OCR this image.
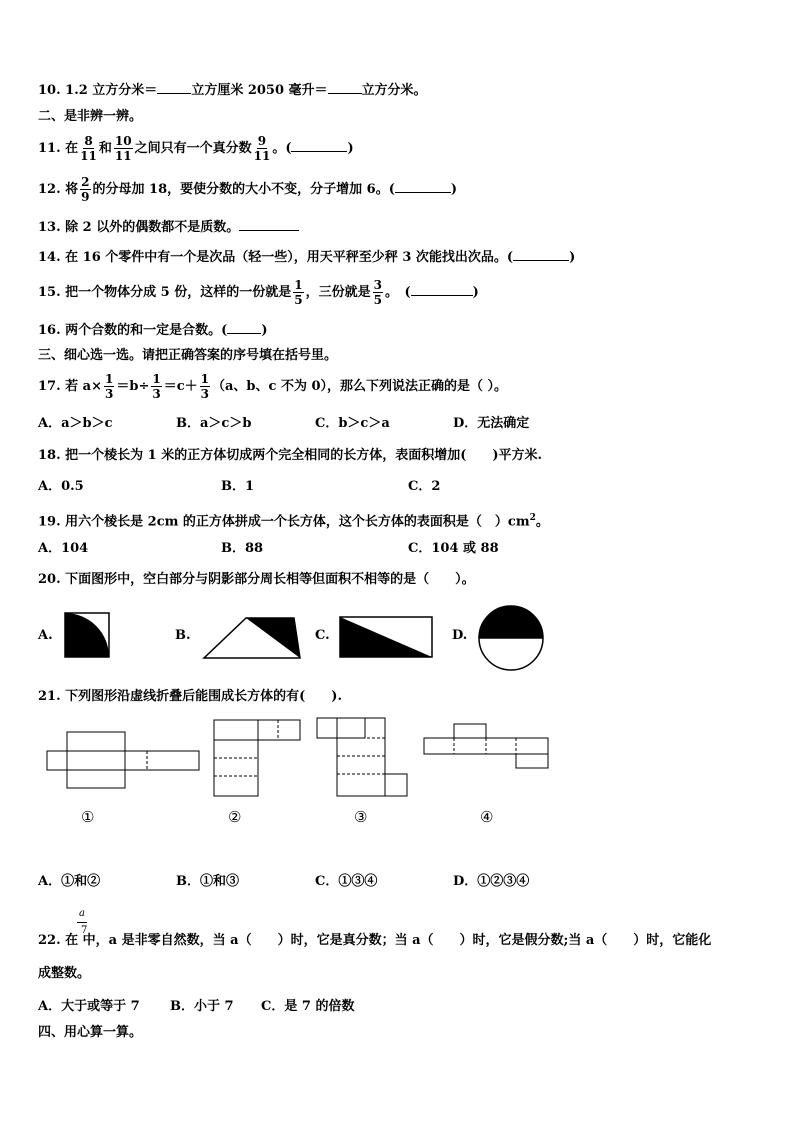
10. 1.2 立方分米＝	立方厘米 2050 毫升＝	立方分米。
二、是非辨一辨。
11. 在 $\frac{8}{11}$ 和 $\frac{10}{11}$ 之间只有一个真分数 $\frac{9}{11}$ 。(	)
12. 将 $\frac{2}{9}$ 的分母加 18，要使分数的大小不变，分子增加 6。(	)
13. 除 2 以外的偶数都不是质数。
14. 在 16 个零件中有一个是次品（轻一些），用天平秤至少秤 3 次能找出次品。(	)
15. 把一个物体分成 5 份，这样的一份就是 $\frac{1}{5}$ ，三份就是 $\frac{3}{5}$ 。　(	)
16. 两个合数的和一定是合数。(	)
三、细心选一选。请把正确答案的序号填在括号里。
17. 若 $a\times \frac{1}{3} =b\div \frac{1}{3} =c+ \frac{1}{3} (a$、b、c 不为 0），那么下列说法正确的是（ ）。
A．a＞b＞c	B．a＞c＞b	C．b＞c＞a	D．无法确定
18. 把一个棱长为 1 米的正方体切成两个完全相同的长方体，表面积增加(　　)平方米.
A．0.5	B．1	C．2
19. 用六个棱长是 2cm 的正方体拼成一个长方体，这个长方体的表面积是（　）$cm^2$。
A．104	B．88	C．104 或 88
20. 下面图形中，空白部分与阴影部分周长相等但面积不相等的是（　　）。
A.	B.	C.	D.
21. 下列图形沿虚线折叠后能围成长方体的有(　　).
①	②	③	④
A．①和②	B．①和③	C．①③④	D．①②③④
a
7
22. 在 中，a 是非零自然数，当 a（　　）时，它是真分数；当 a（　　）时，它是假分数;当 a（　　）时，它能化
成整数。
A．大于或等于 7 B．小于 7 C．是 7 的倍数
四、用心算一算。
